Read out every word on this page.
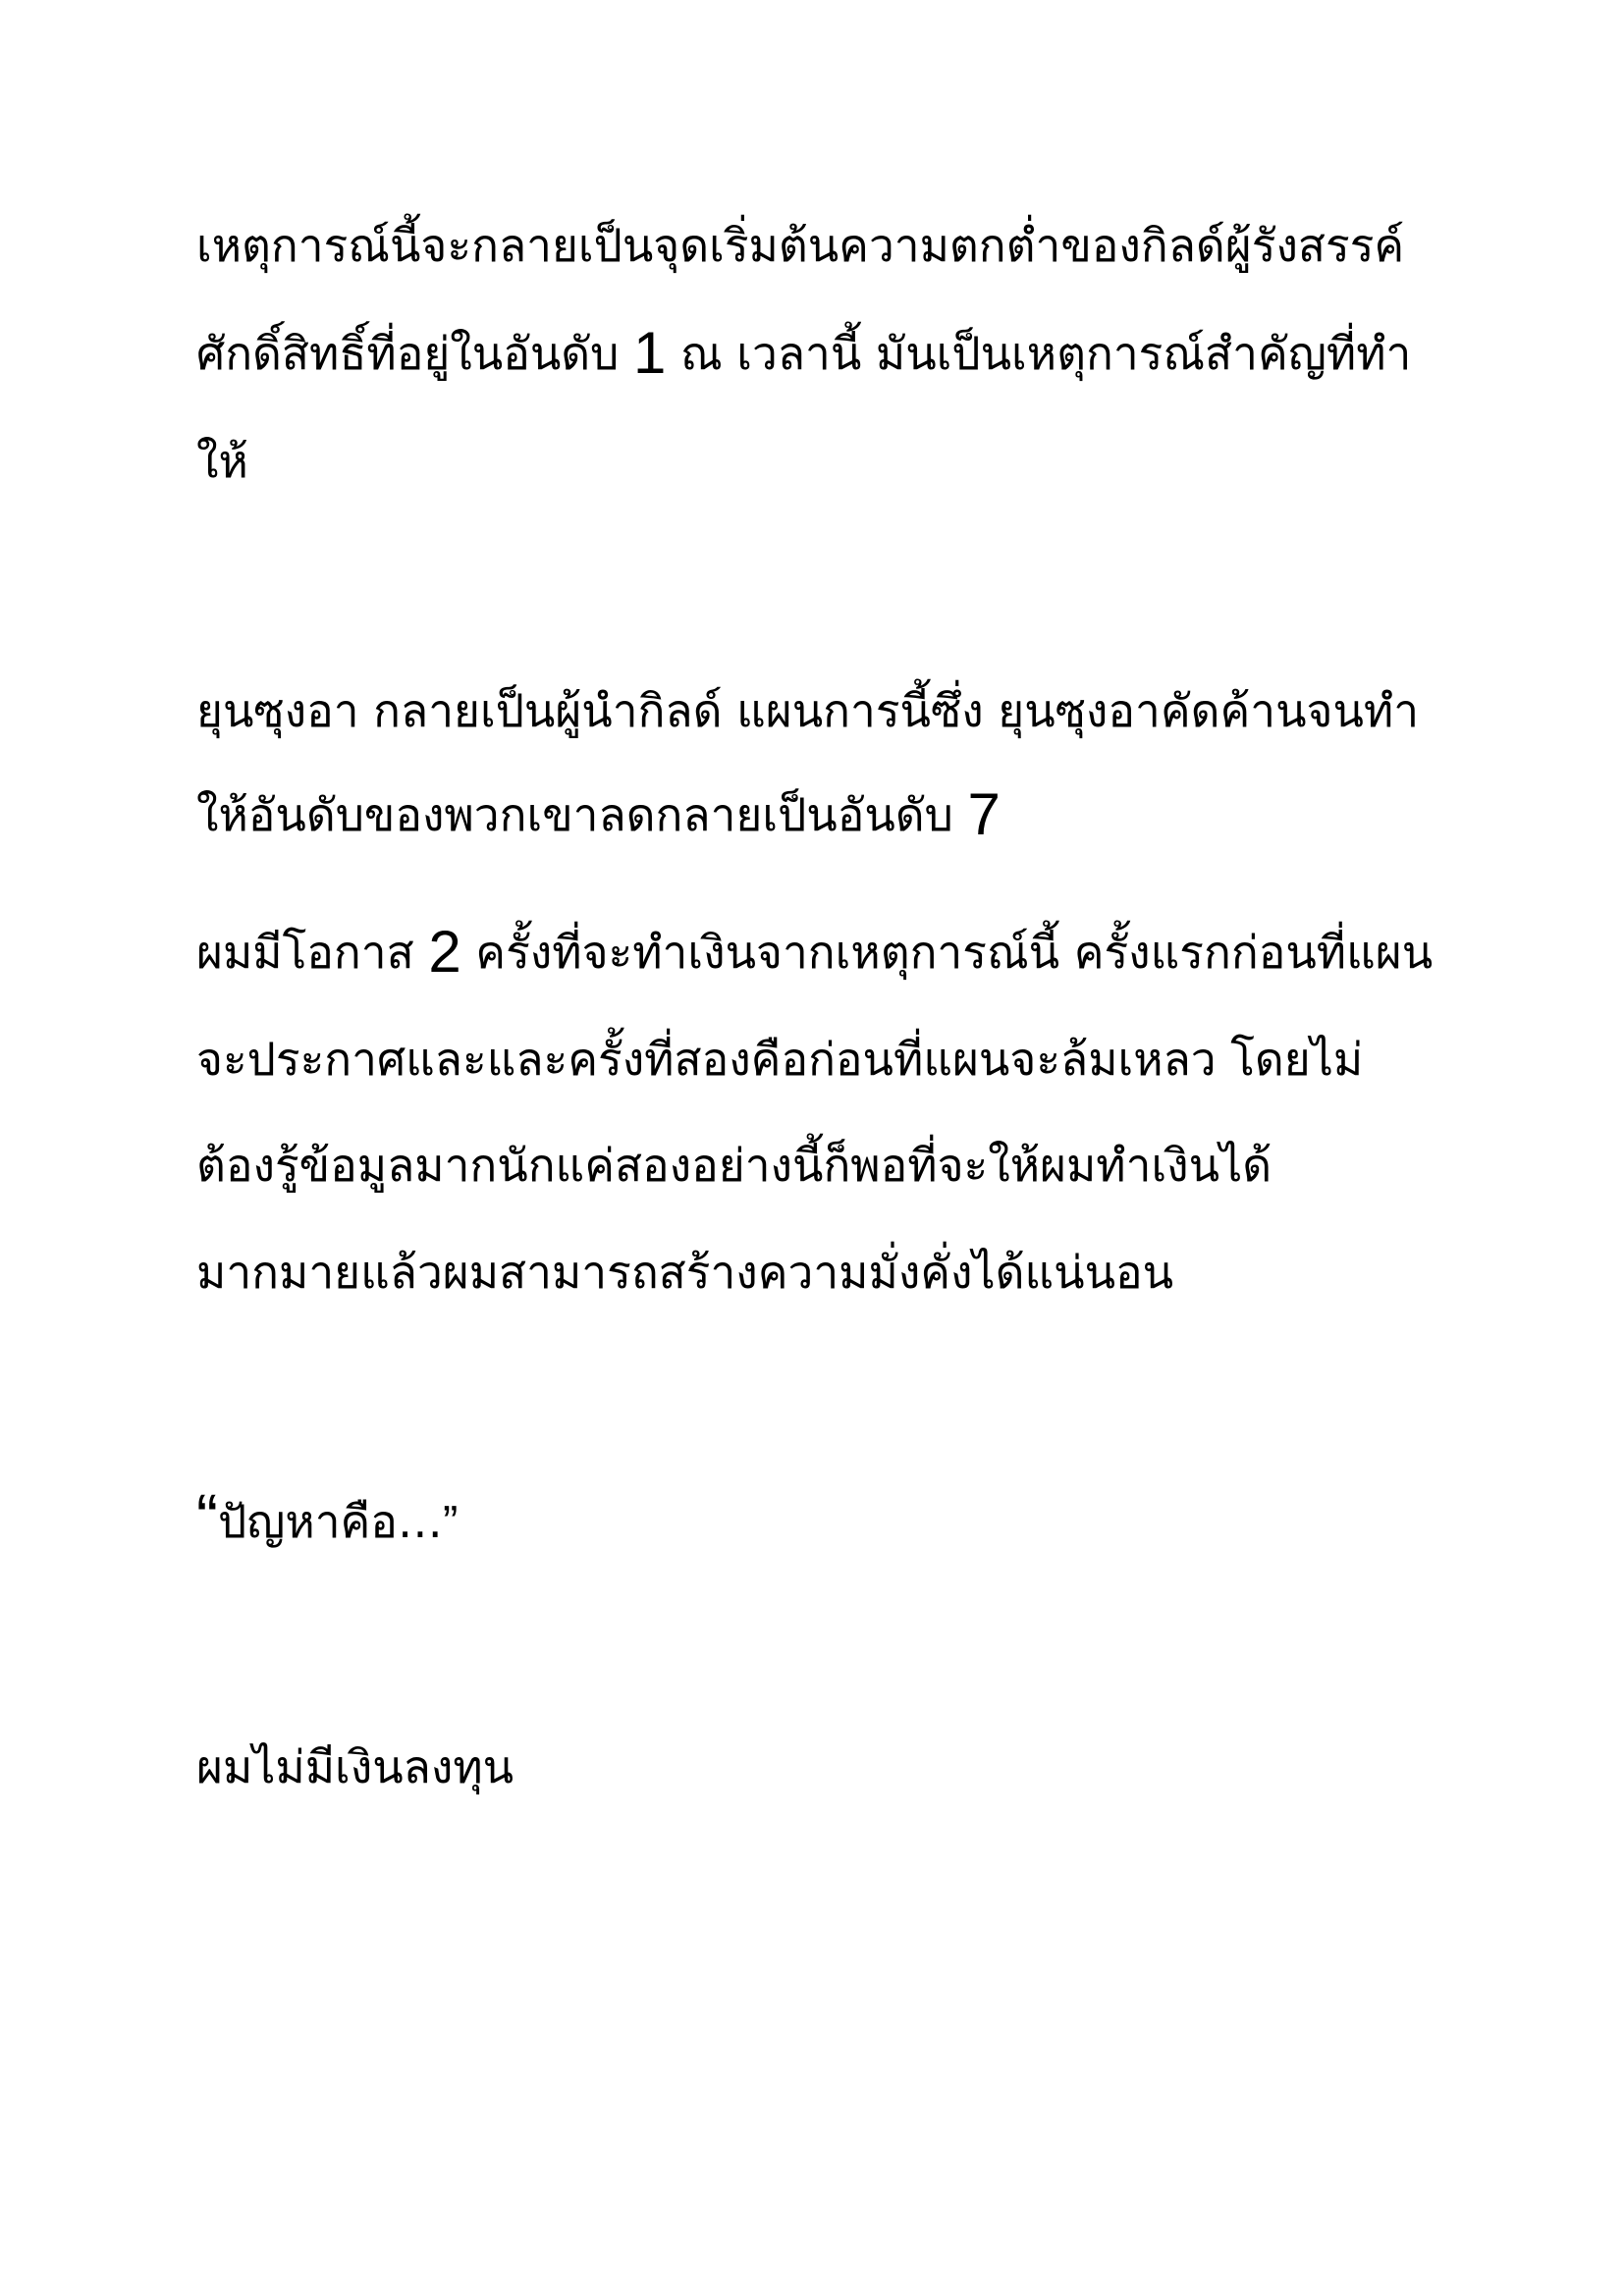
เหตุการณ์นี้จะกลายเป็นจุดเริ่มต้นความตกต่ำของกิลด์ผู้รังสรรค์
ศักดิ์สิทธิ์ที่อยู่ในอันดับ 1 ณ เวลานี้ มันเป็นเหตุการณ์สำคัญที่ทำ
ให้
ยุนซุงอา กลายเป็นผู้นำกิลด์ แผนการนี้ซึ่ง ยุนซุงอาคัดค้านจนทำ
ให้อันดับของพวกเขาลดกลายเป็นอันดับ 7
ผมมีโอกาส 2 ครั้งที่จะทำเงินจากเหตุการณ์นี้ ครั้งแรกก่อนที่แผน
จะประกาศและและครั้งที่สองคือก่อนที่แผนจะล้มเหลว โดยไม่
ต้องรู้ข้อมูลมากนักแค่สองอย่างนี้ก็พอที่จะให้ผมทำเงินได้
มากมายแล้วผมสามารถสร้างความมั่งคั่งได้แน่นอน
“ปัญหาคือ…”
ผมไม่มีเงินลงทุน
